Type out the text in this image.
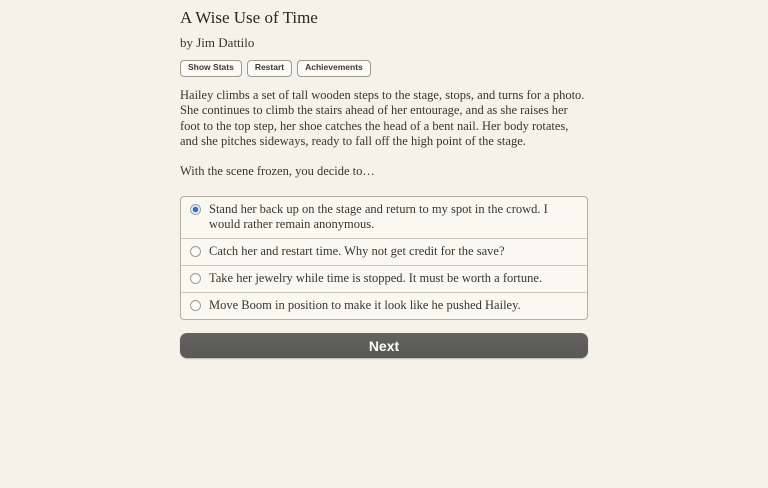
A Wise Use of Time

by Jim Dattilo

Show Stats	Restart	Achievements

Hailey climbs a set of tall wooden steps to the stage, stops, and turns for a photo. She continues to climb the stairs ahead of her entourage, and as she raises her foot to the top step, her shoe catches the head of a bent nail. Her body rotates, and she pitches sideways, ready to fall off the high point of the stage.

With the scene frozen, you decide to…

Stand her back up on the stage and return to my spot in the crowd. I would rather remain anonymous.
Catch her and restart time. Why not get credit for the save?
Take her jewelry while time is stopped. It must be worth a fortune.
Move Boom in position to make it look like he pushed Hailey.
Next
